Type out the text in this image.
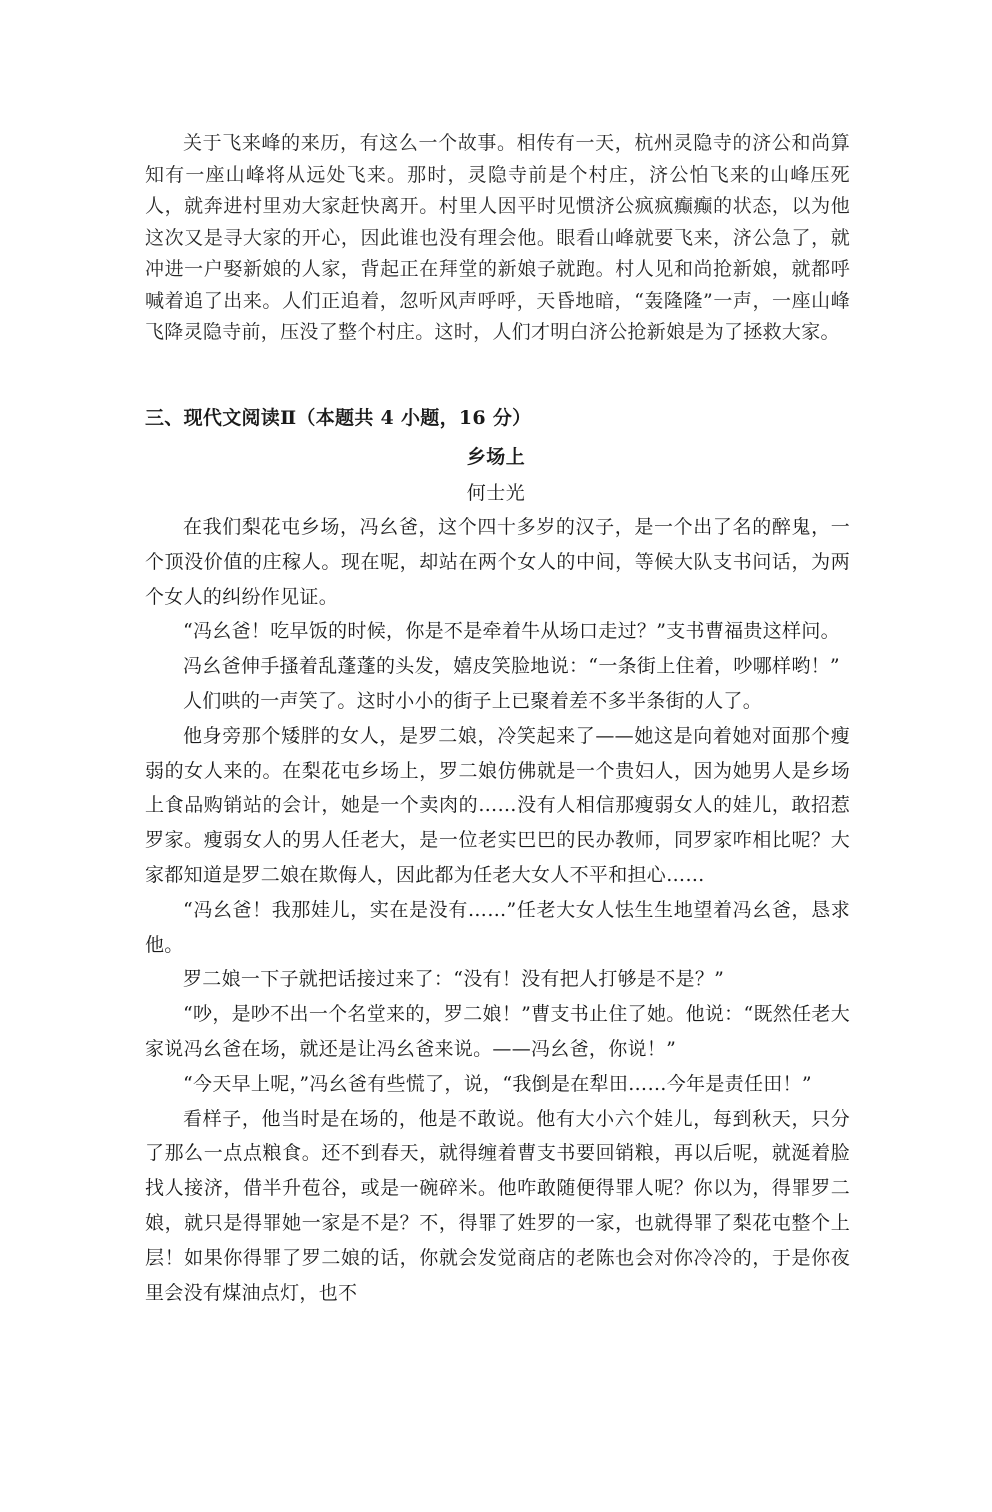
关于飞来峰的来历，有这么一个故事。相传有一天，杭州灵隐寺的济公和尚算知有一座山峰将从远处飞来。那时，灵隐寺前是个村庄，济公怕飞来的山峰压死人，就奔进村里劝大家赶快离开。村里人因平时见惯济公疯疯癫癫的状态，以为他这次又是寻大家的开心，因此谁也没有理会他。眼看山峰就要飞来，济公急了，就冲进一户娶新娘的人家，背起正在拜堂的新娘子就跑。村人见和尚抢新娘，就都呼喊着追了出来。人们正追着，忽听风声呼呼，天昏地暗，“轰隆隆”一声，一座山峰飞降灵隐寺前，压没了整个村庄。这时，人们才明白济公抢新娘是为了拯救大家。

三、现代文阅读Ⅱ（本题共 4 小题，16 分）
乡场上
何士光

在我们梨花屯乡场，冯幺爸，这个四十多岁的汉子，是一个出了名的醉鬼，一个顶没价值的庄稼人。现在呢，却站在两个女人的中间，等候大队支书问话，为两个女人的纠纷作见证。

“冯幺爸！吃早饭的时候，你是不是牵着牛从场口走过？”支书曹福贵这样问。

冯幺爸伸手搔着乱蓬蓬的头发，嬉皮笑脸地说：“一条街上住着，吵哪样哟！”

人们哄的一声笑了。这时小小的街子上已聚着差不多半条街的人了。

他身旁那个矮胖的女人，是罗二娘，冷笑起来了——她这是向着她对面那个瘦弱的女人来的。在梨花屯乡场上，罗二娘仿佛就是一个贵妇人，因为她男人是乡场上食品购销站的会计，她是一个卖肉的……没有人相信那瘦弱女人的娃儿，敢招惹罗家。瘦弱女人的男人任老大，是一位老实巴巴的民办教师，同罗家咋相比呢？大家都知道是罗二娘在欺侮人，因此都为任老大女人不平和担心……

“冯幺爸！我那娃儿，实在是没有……”任老大女人怯生生地望着冯幺爸，恳求他。

罗二娘一下子就把话接过来了：“没有！没有把人打够是不是？”

“吵，是吵不出一个名堂来的，罗二娘！”曹支书止住了她。他说：“既然任老大家说冯幺爸在场，就还是让冯幺爸来说。——冯幺爸，你说！”

“今天早上呢，”冯幺爸有些慌了，说，“我倒是在犁田……今年是责任田！”

看样子，他当时是在场的，他是不敢说。他有大小六个娃儿，每到秋天，只分了那么一点点粮食。还不到春天，就得缠着曹支书要回销粮，再以后呢，就涎着脸找人接济，借半升苞谷，或是一碗碎米。他咋敢随便得罪人呢？你以为，得罪罗二娘，就只是得罪她一家是不是？不，得罪了姓罗的一家，也就得罪了梨花屯整个上层！如果你得罪了罗二娘的话，你就会发觉商店的老陈也会对你冷冷的，于是你夜里会没有煤油点灯，也不
